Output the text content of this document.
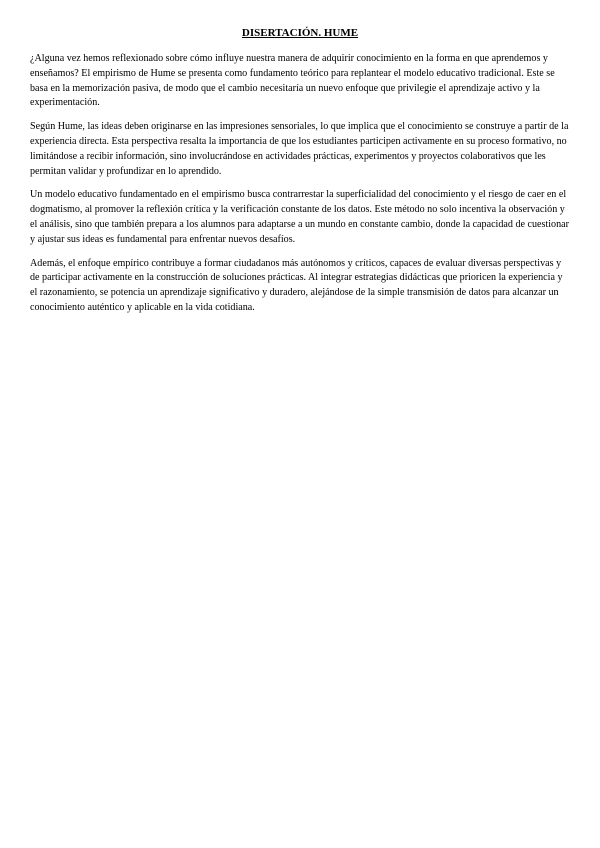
DISERTACIÓN. HUME

¿Alguna vez hemos reflexionado sobre cómo influye nuestra manera de adquirir conocimiento en la forma en que aprendemos y enseñamos? El empirismo de Hume se presenta como fundamento teórico para replantear el modelo educativo tradicional. Este se basa en la memorización pasiva, de modo que el cambio necesitaría un nuevo enfoque que privilegie el aprendizaje activo y la experimentación.

Según Hume, las ideas deben originarse en las impresiones sensoriales, lo que implica que el conocimiento se construye a partir de la experiencia directa. Esta perspectiva resalta la importancia de que los estudiantes participen activamente en su proceso formativo, no limitándose a recibir información, sino involucrándose en actividades prácticas, experimentos y proyectos colaborativos que les permitan validar y profundizar en lo aprendido.

Un modelo educativo fundamentado en el empirismo busca contrarrestar la superficialidad del conocimiento y el riesgo de caer en el dogmatismo, al promover la reflexión crítica y la verificación constante de los datos. Este método no solo incentiva la observación y el análisis, sino que también prepara a los alumnos para adaptarse a un mundo en constante cambio, donde la capacidad de cuestionar y ajustar sus ideas es fundamental para enfrentar nuevos desafíos.

Además, el enfoque empírico contribuye a formar ciudadanos más autónomos y críticos, capaces de evaluar diversas perspectivas y de participar activamente en la construcción de soluciones prácticas. Al integrar estrategias didácticas que prioricen la experiencia y el razonamiento, se potencia un aprendizaje significativo y duradero, alejándose de la simple transmisión de datos para alcanzar un conocimiento auténtico y aplicable en la vida cotidiana.
